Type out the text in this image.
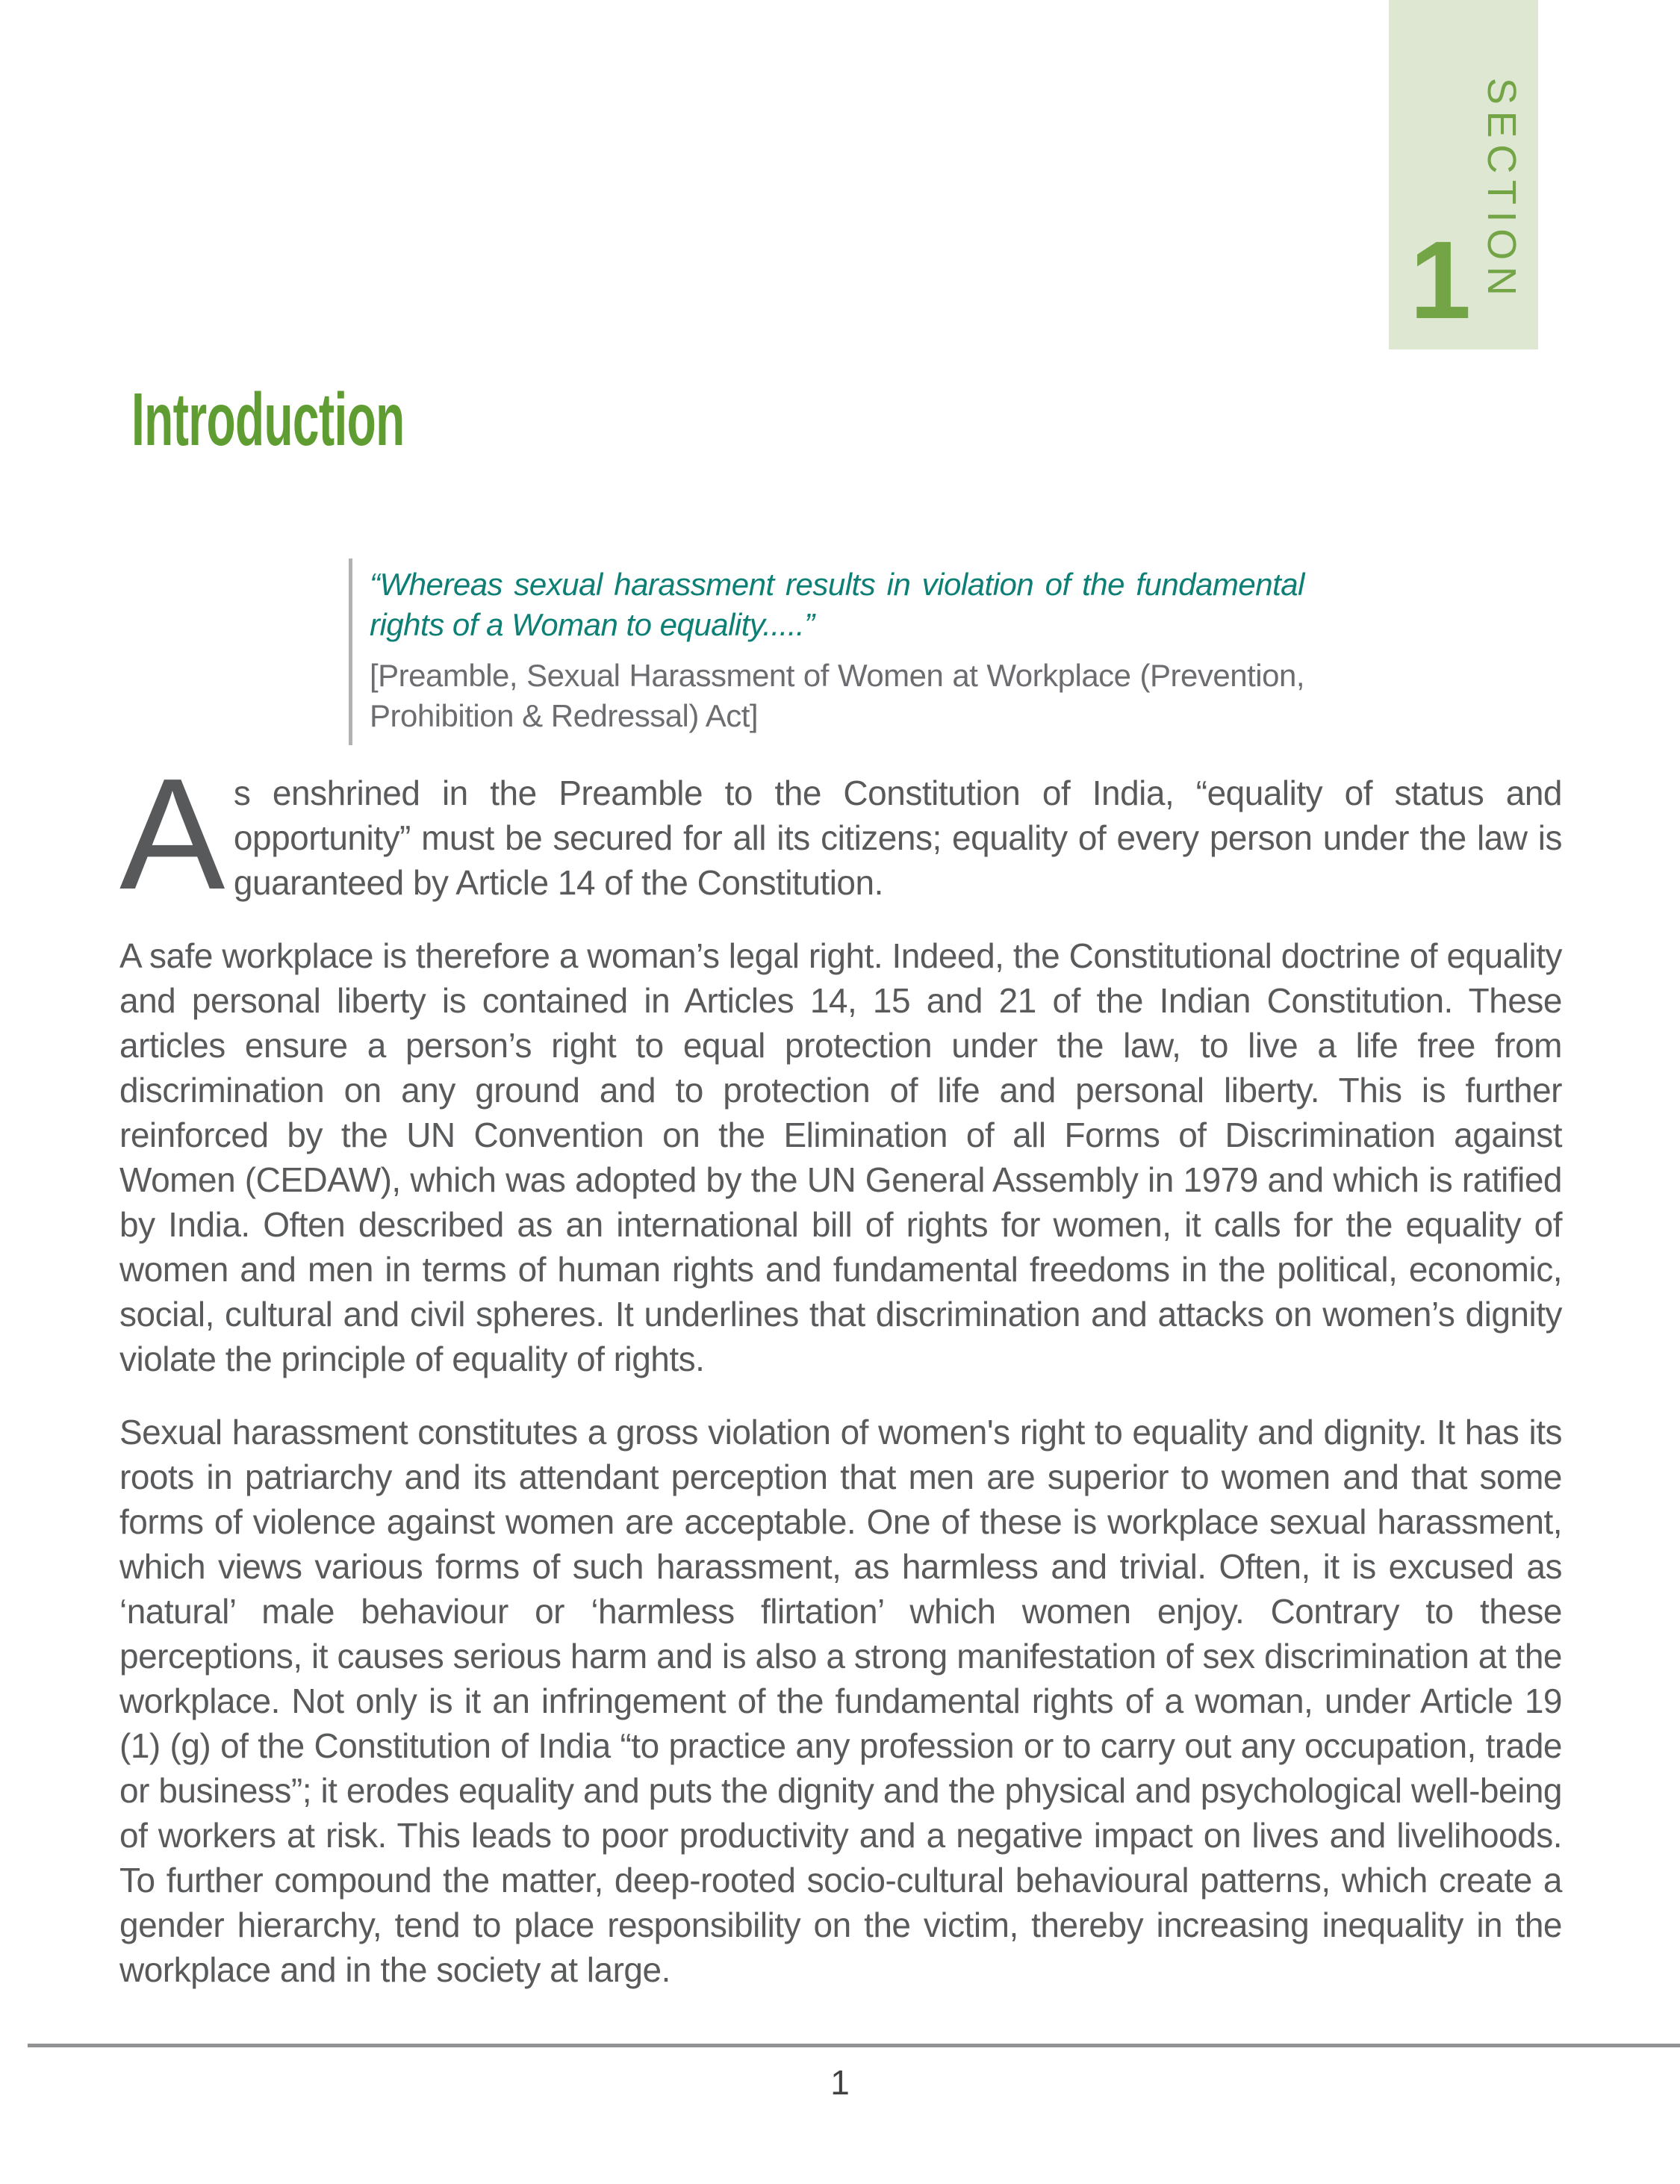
SECTION
1
Introduction

“Whereas sexual harassment results in violation of the fundamental rights of a Woman to equality.....”

[Preamble, Sexual Harassment of Women at Workplace (Prevention, Prohibition & Redressal) Act]

As enshrined in the Preamble to the Constitution of India, “equality of status and opportunity” must be secured for all its citizens; equality of every person under the law is guaranteed by Article 14 of the Constitution.

A safe workplace is therefore a woman’s legal right. Indeed, the Constitutional doctrine of equality and personal liberty is contained in Articles 14, 15 and 21 of the Indian Constitution. These articles ensure a person’s right to equal protection under the law, to live a life free from discrimination on any ground and to protection of life and personal liberty. This is further reinforced by the UN Convention on the Elimination of all Forms of Discrimination against Women (CEDAW), which was adopted by the UN General Assembly in 1979 and which is ratified by India. Often described as an international bill of rights for women, it calls for the equality of women and men in terms of human rights and fundamental freedoms in the political, economic, social, cultural and civil spheres. It underlines that discrimination and attacks on women’s dignity violate the principle of equality of rights.

Sexual harassment constitutes a gross violation of women's right to equality and dignity. It has its roots in patriarchy and its attendant perception that men are superior to women and that some forms of violence against women are acceptable. One of these is workplace sexual harassment, which views various forms of such harassment, as harmless and trivial. Often, it is excused as ‘natural’ male behaviour or ‘harmless flirtation’ which women enjoy. Contrary to these perceptions, it causes serious harm and is also a strong manifestation of sex discrimination at the workplace. Not only is it an infringement of the fundamental rights of a woman, under Article 19 (1) (g) of the Constitution of India “to practice any profession or to carry out any occupation, trade or business”; it erodes equality and puts the dignity and the physical and psychological well-being of workers at risk. This leads to poor productivity and a negative impact on lives and livelihoods. To further compound the matter, deep-rooted socio-cultural behavioural patterns, which create a gender hierarchy, tend to place responsibility on the victim, thereby increasing inequality in the workplace and in the society at large.

1
